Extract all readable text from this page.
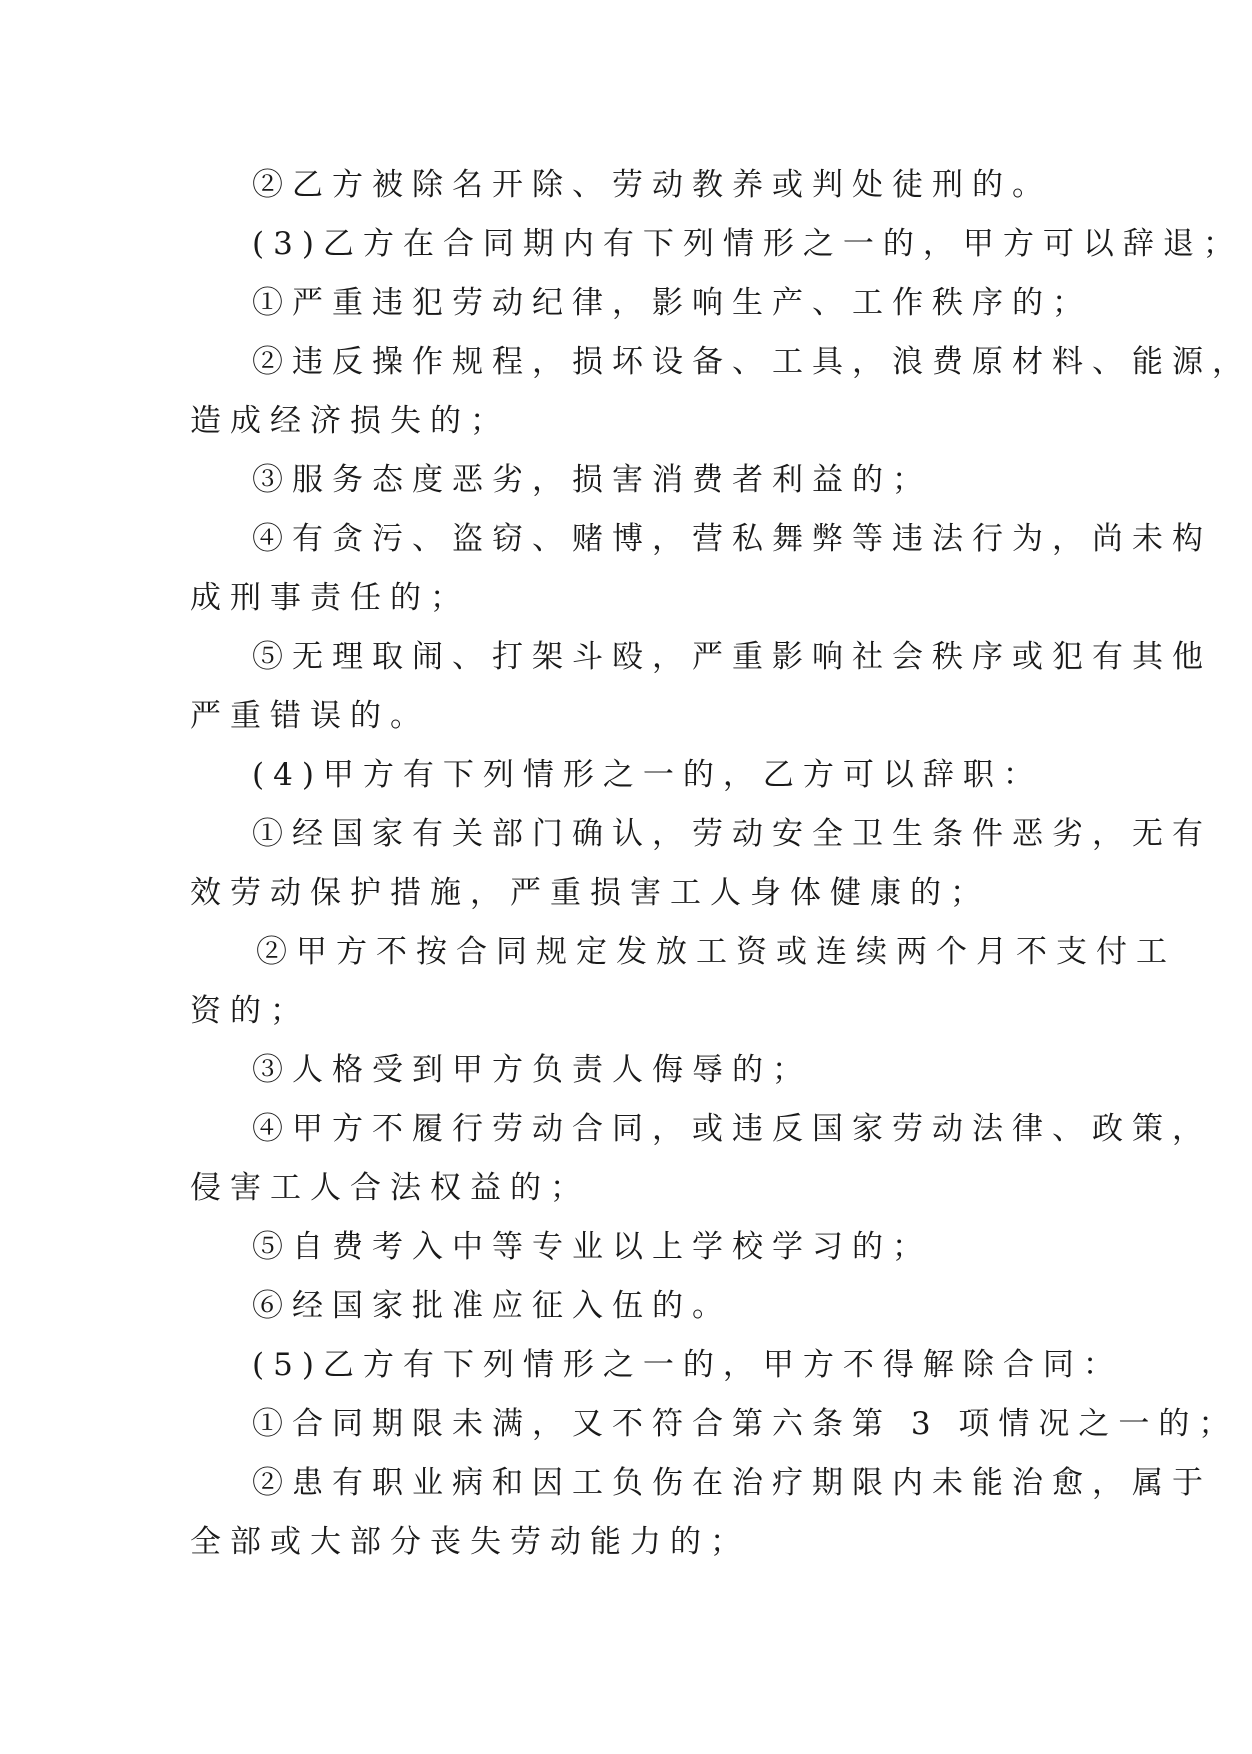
②乙方被除名开除、劳动教养或判处徒刑的。
(3)乙方在合同期内有下列情形之一的，甲方可以辞退；
①严重违犯劳动纪律，影响生产、工作秩序的；
②违反操作规程，损坏设备、工具，浪费原材料、能源，
造成经济损失的；
③服务态度恶劣，损害消费者利益的；
④有贪污、盗窃、赌博，营私舞弊等违法行为，尚未构
成刑事责任的；
⑤无理取闹、打架斗殴，严重影响社会秩序或犯有其他
严重错误的。
(4)甲方有下列情形之一的，乙方可以辞职：
①经国家有关部门确认，劳动安全卫生条件恶劣，无有
效劳动保护措施，严重损害工人身体健康的；
②甲方不按合同规定发放工资或连续两个月不支付工
资的；
③人格受到甲方负责人侮辱的；
④甲方不履行劳动合同，或违反国家劳动法律、政策，
侵害工人合法权益的；
⑤自费考入中等专业以上学校学习的；
⑥经国家批准应征入伍的。
(5)乙方有下列情形之一的，甲方不得解除合同：
①合同期限未满，又不符合第六条第 3 项情况之一的；
②患有职业病和因工负伤在治疗期限内未能治愈，属于
全部或大部分丧失劳动能力的；
